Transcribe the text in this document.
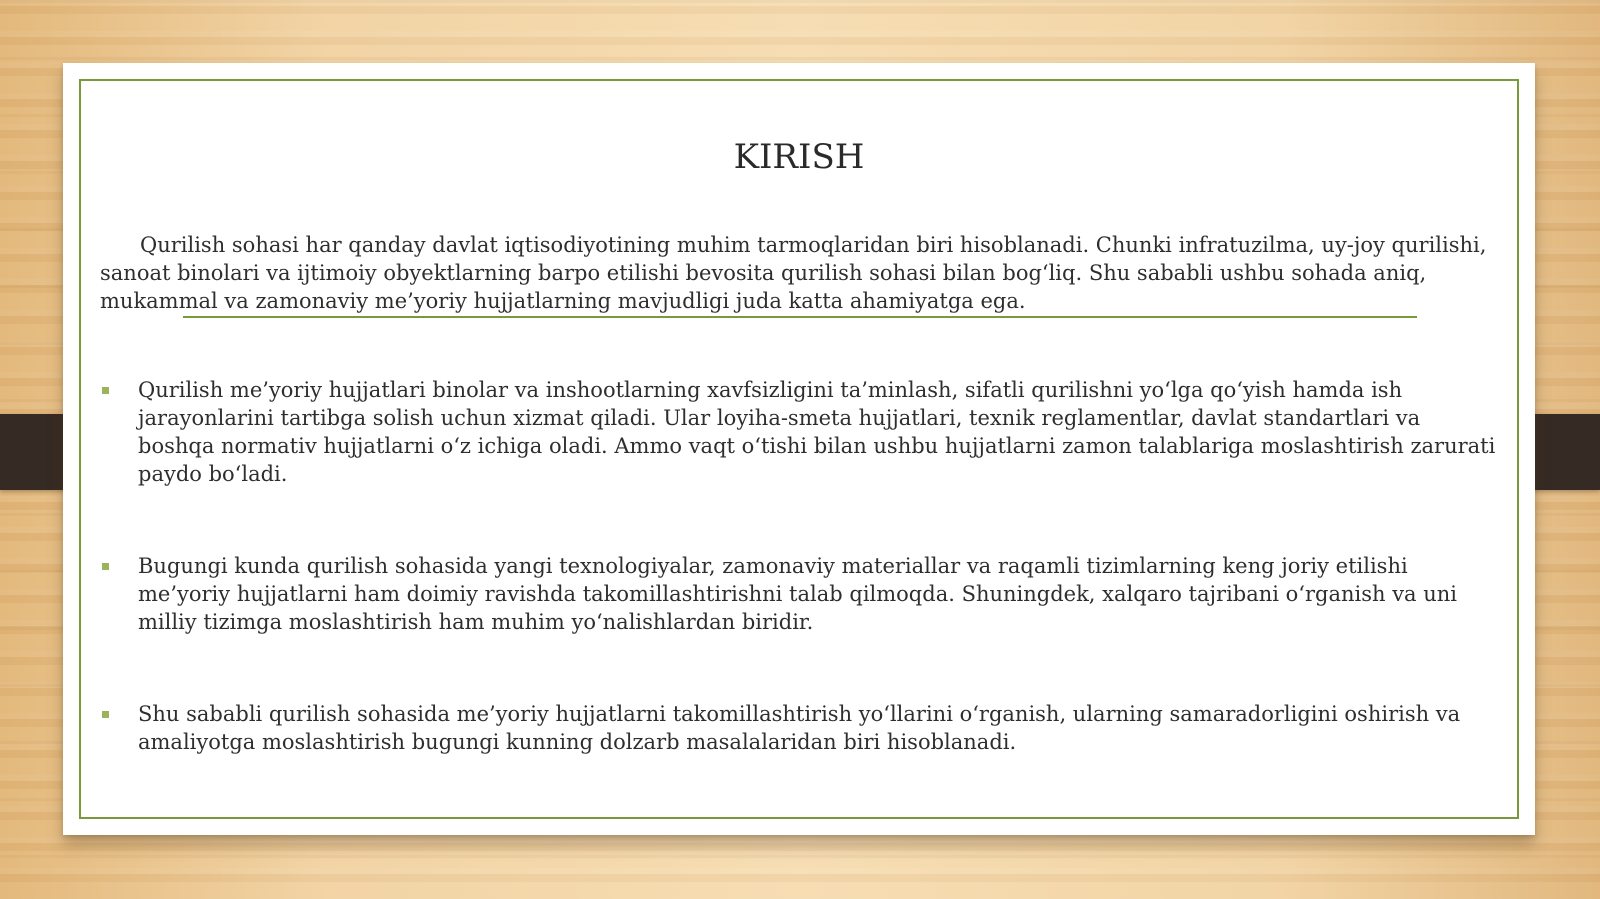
KIRISH
Qurilish sohasi har qanday davlat iqtisodiyotining muhim tarmoqlaridan biri hisoblanadi. Chunki infratuzilma, uy-joy qurilishi, sanoat binolari va ijtimoiy obyektlarning barpo etilishi bevosita qurilish sohasi bilan bog‘liq. Shu sababli ushbu sohada aniq, mukammal va zamonaviy me’yoriy hujjatlarning mavjudligi juda katta ahamiyatga ega.
Qurilish me’yoriy hujjatlari binolar va inshootlarning xavfsizligini ta’minlash, sifatli qurilishni yo‘lga qo‘yish hamda ish jarayonlarini tartibga solish uchun xizmat qiladi. Ular loyiha-smeta hujjatlari, texnik reglamentlar, davlat standartlari va boshqa normativ hujjatlarni o‘z ichiga oladi. Ammo vaqt o‘tishi bilan ushbu hujjatlarni zamon talablariga moslashtirish zarurati paydo bo‘ladi.
Bugungi kunda qurilish sohasida yangi texnologiyalar, zamonaviy materiallar va raqamli tizimlarning keng joriy etilishi me’yoriy hujjatlarni ham doimiy ravishda takomillashtirishni talab qilmoqda. Shuningdek, xalqaro tajribani o‘rganish va uni milliy tizimga moslashtirish ham muhim yo‘nalishlardan biridir.
Shu sababli qurilish sohasida me’yoriy hujjatlarni takomillashtirish yo‘llarini o‘rganish, ularning samaradorligini oshirish va amaliyotga moslashtirish bugungi kunning dolzarb masalalaridan biri hisoblanadi.
